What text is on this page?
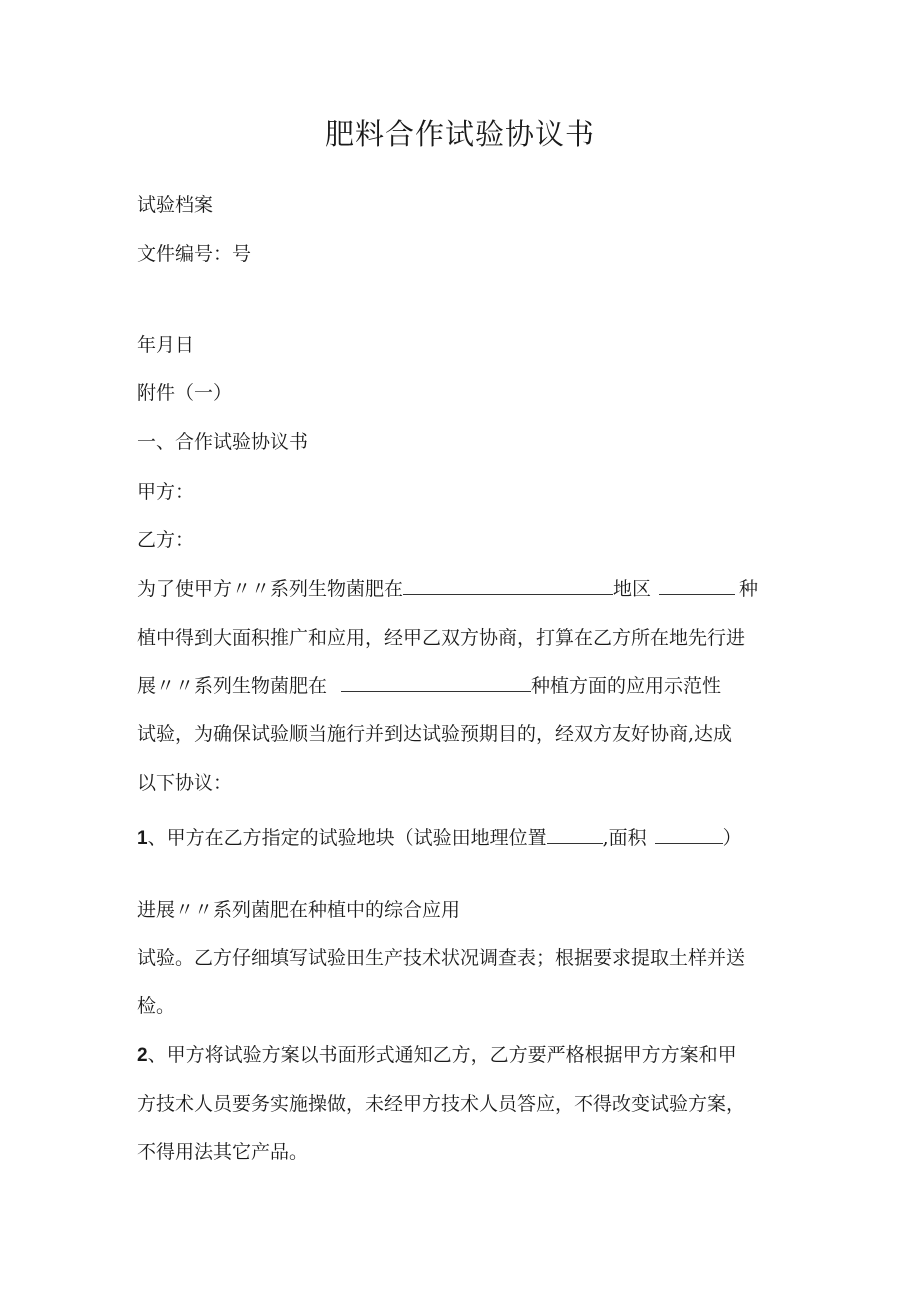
肥料合作试验协议书
试验档案
文件编号：号
年月日
附件（一）
一、合作试验协议书
甲方：
乙方：
为了使甲方〃〃系列生物菌肥在	地区	种
植中得到大面积推广和应用，经甲乙双方协商，打算在乙方所在地先行进
展〃〃系列生物菌肥在	种植方面的应用示范性
试验，为确保试验顺当施行并到达试验预期目的，经双方友好协商,达成
以下协议：
1、甲方在乙方指定的试验地块（试验田地理位置	,面积	）
进展〃〃系列菌肥在种植中的综合应用
试验。乙方仔细填写试验田生产技术状况调查表；根据要求提取土样并送
检。
2、甲方将试验方案以书面形式通知乙方，乙方要严格根据甲方方案和甲
方技术人员要务实施操做，未经甲方技术人员答应，不得改变试验方案，
不得用法其它产品。
